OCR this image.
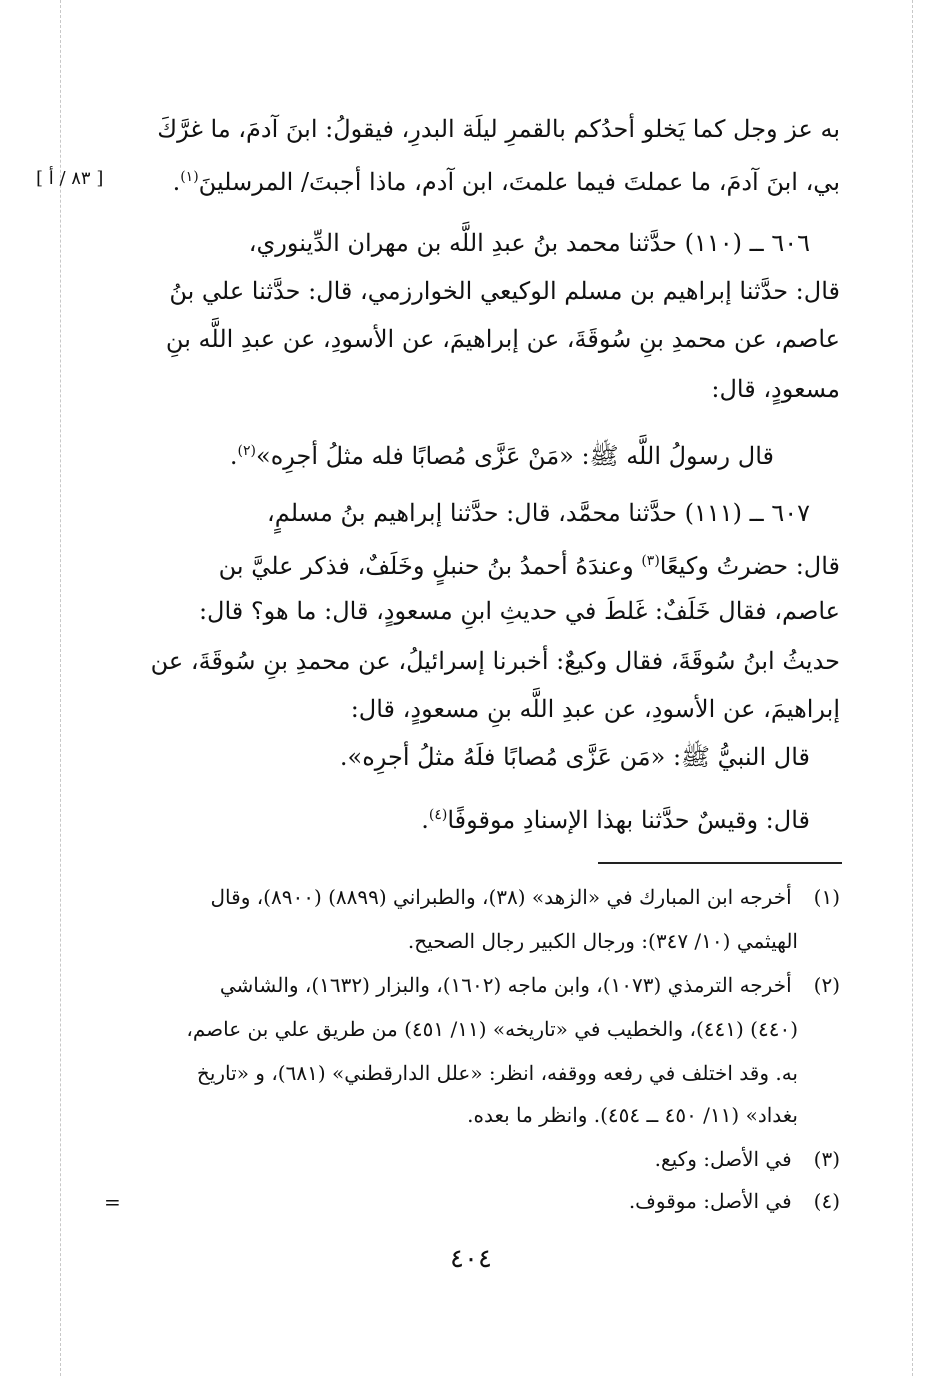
[ ٨٣ / أ ]
به عز وجل كما يَخلو أحدُكم بالقمرِ ليلَة البدرِ، فيقولُ: ابنَ آدمَ، ما غرَّكَ
بي، ابنَ آدمَ، ما عملتَ فيما علمتَ، ابن آدم، ماذا أجبتَ/ المرسلينَ$^{(١)}$.
٦٠٦ ــ (١١٠) حدَّثنا محمد بنُ عبدِ اللَّه بن مهران الدِّينوري،
قال: حدَّثنا إبراهيم بن مسلم الوكيعي الخوارزمي، قال: حدَّثنا علي بنُ
عاصم، عن محمدِ بنِ سُوقَةَ، عن إبراهيمَ، عن الأسودِ، عن عبدِ اللَّه بنِ
مسعودٍ، قال:
قال رسولُ اللَّه ﷺ: «مَنْ عَزَّى مُصابًا فله مثلُ أجرِه»$^{(٢)}$.
٦٠٧ ــ (١١١) حدَّثنا محمَّد، قال: حدَّثنا إبراهيم بنُ مسلمٍ،
قال: حضرتُ وكيعًا$^{(٣)}$ وعندَهُ أحمدُ بنُ حنبلٍ وخَلَفٌ، فذكر عليَّ بن
عاصم، فقال خَلَفٌ: غَلطَ في حديثِ ابنِ مسعودٍ، قال: ما هو؟ قال:
حديثُ ابنُ سُوقَةَ، فقال وكيعٌ: أخبرنا إسرائيلُ، عن محمدِ بنِ سُوقَةَ، عن
إبراهيمَ، عن الأسودِ، عن عبدِ اللَّه بنِ مسعودٍ، قال:
قال النبيُّ ﷺ: «مَن عَزَّى مُصابًا فلَهُ مثلُ أجرِه».
قال: وقيسٌ حدَّثنا بهذا الإسنادِ موقوفًا$^{(٤)}$.
(١) أخرجه ابن المبارك في «الزهد» (٣٨)، والطبراني (٨٨٩٩) (٨٩٠٠)، وقال
الهيثمي (١٠/ ٣٤٧): ورجال الكبير رجال الصحيح.
(٢) أخرجه الترمذي (١٠٧٣)، وابن ماجه (١٦٠٢)، والبزار (١٦٣٢)، والشاشي
(٤٤٠) (٤٤١)، والخطيب في «تاريخه» (١١/ ٤٥١) من طريق علي بن عاصم،
به. وقد اختلف في رفعه ووقفه، انظر: «علل الدارقطني» (٦٨١)، و «تاريخ
بغداد» (١١/ ٤٥٠ ــ ٤٥٤). وانظر ما بعده.
(٣) في الأصل: وكيع.
(٤) في الأصل: موقوف.
=
٤٠٤
